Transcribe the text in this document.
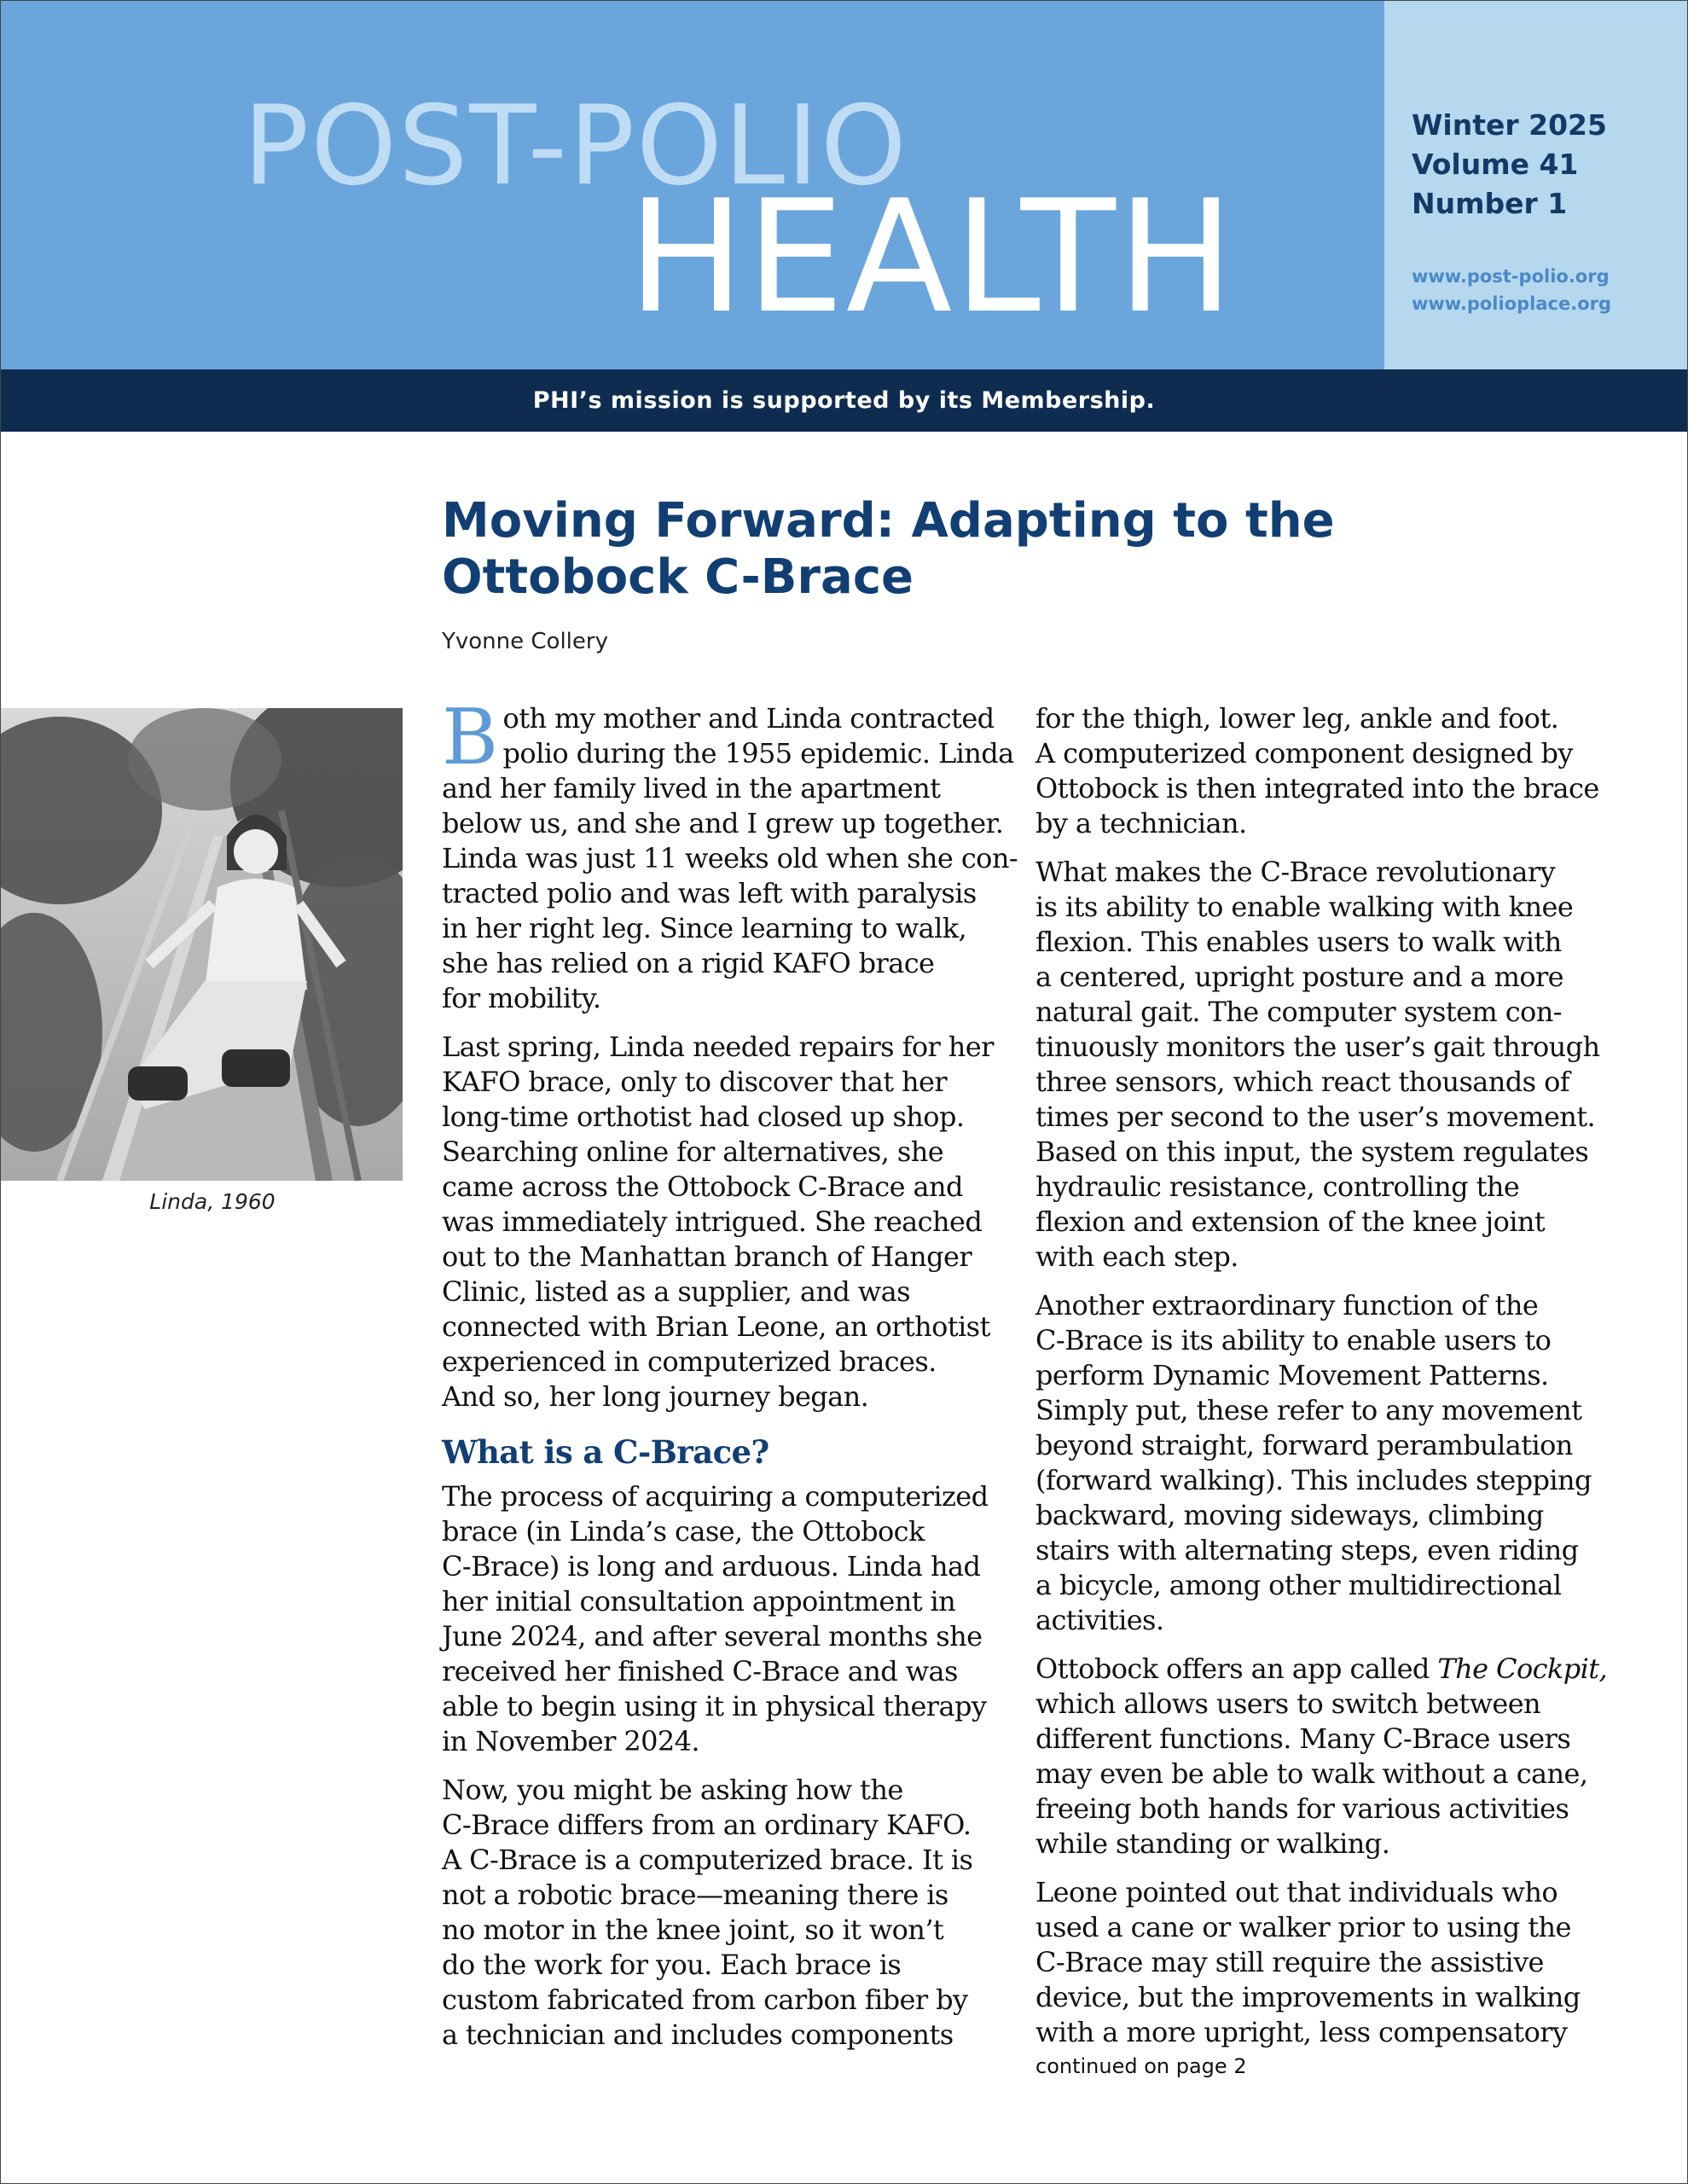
POST-POLIO
HEALTH
Winter 2025
Volume 41
Number 1
www.post-polio.org
www.polioplace.org
PHI’s mission is supported by its Membership.
Moving Forward: Adapting to the Ottobock C-Brace
Yvonne Collery
Linda, 1960

B oth my mother and Linda contracted
polio during the 1955 epidemic. Linda
and her family lived in the apartment
below us, and she and I grew up together.
Linda was just 11 weeks old when she con-
tracted polio and was left with paralysis
in her right leg. Since learning to walk,
she has relied on a rigid KAFO brace
for mobility.

Last spring, Linda needed repairs for her
KAFO brace, only to discover that her
long-time orthotist had closed up shop.
Searching online for alternatives, she
came across the Ottobock C-Brace and
was immediately intrigued. She reached
out to the Manhattan branch of Hanger
Clinic, listed as a supplier, and was
connected with Brian Leone, an orthotist
experienced in computerized braces.
And so, her long journey began.

What is a C-Brace?

The process of acquiring a computerized
brace (in Linda’s case, the Ottobock
C-Brace) is long and arduous. Linda had
her initial consultation appointment in
June 2024, and after several months she
received her finished C-Brace and was
able to begin using it in physical therapy
in November 2024.

Now, you might be asking how the
C-Brace differs from an ordinary KAFO.
A C-Brace is a computerized brace. It is
not a robotic brace—meaning there is
no motor in the knee joint, so it won’t
do the work for you. Each brace is
custom fabricated from carbon fiber by
a technician and includes components

for the thigh, lower leg, ankle and foot.
A computerized component designed by
Ottobock is then integrated into the brace
by a technician.

What makes the C-Brace revolutionary
is its ability to enable walking with knee
flexion. This enables users to walk with
a centered, upright posture and a more
natural gait. The computer system con-
tinuously monitors the user’s gait through
three sensors, which react thousands of
times per second to the user’s movement.
Based on this input, the system regulates
hydraulic resistance, controlling the
flexion and extension of the knee joint
with each step.

Another extraordinary function of the
C-Brace is its ability to enable users to
perform Dynamic Movement Patterns.
Simply put, these refer to any movement
beyond straight, forward perambulation
(forward walking). This includes stepping
backward, moving sideways, climbing
stairs with alternating steps, even riding
a bicycle, among other multidirectional
activities.

Ottobock offers an app called The Cockpit,
which allows users to switch between
different functions. Many C-Brace users
may even be able to walk without a cane,
freeing both hands for various activities
while standing or walking.

Leone pointed out that individuals who
used a cane or walker prior to using the
C-Brace may still require the assistive
device, but the improvements in walking
with a more upright, less compensatory

continued on page 2
